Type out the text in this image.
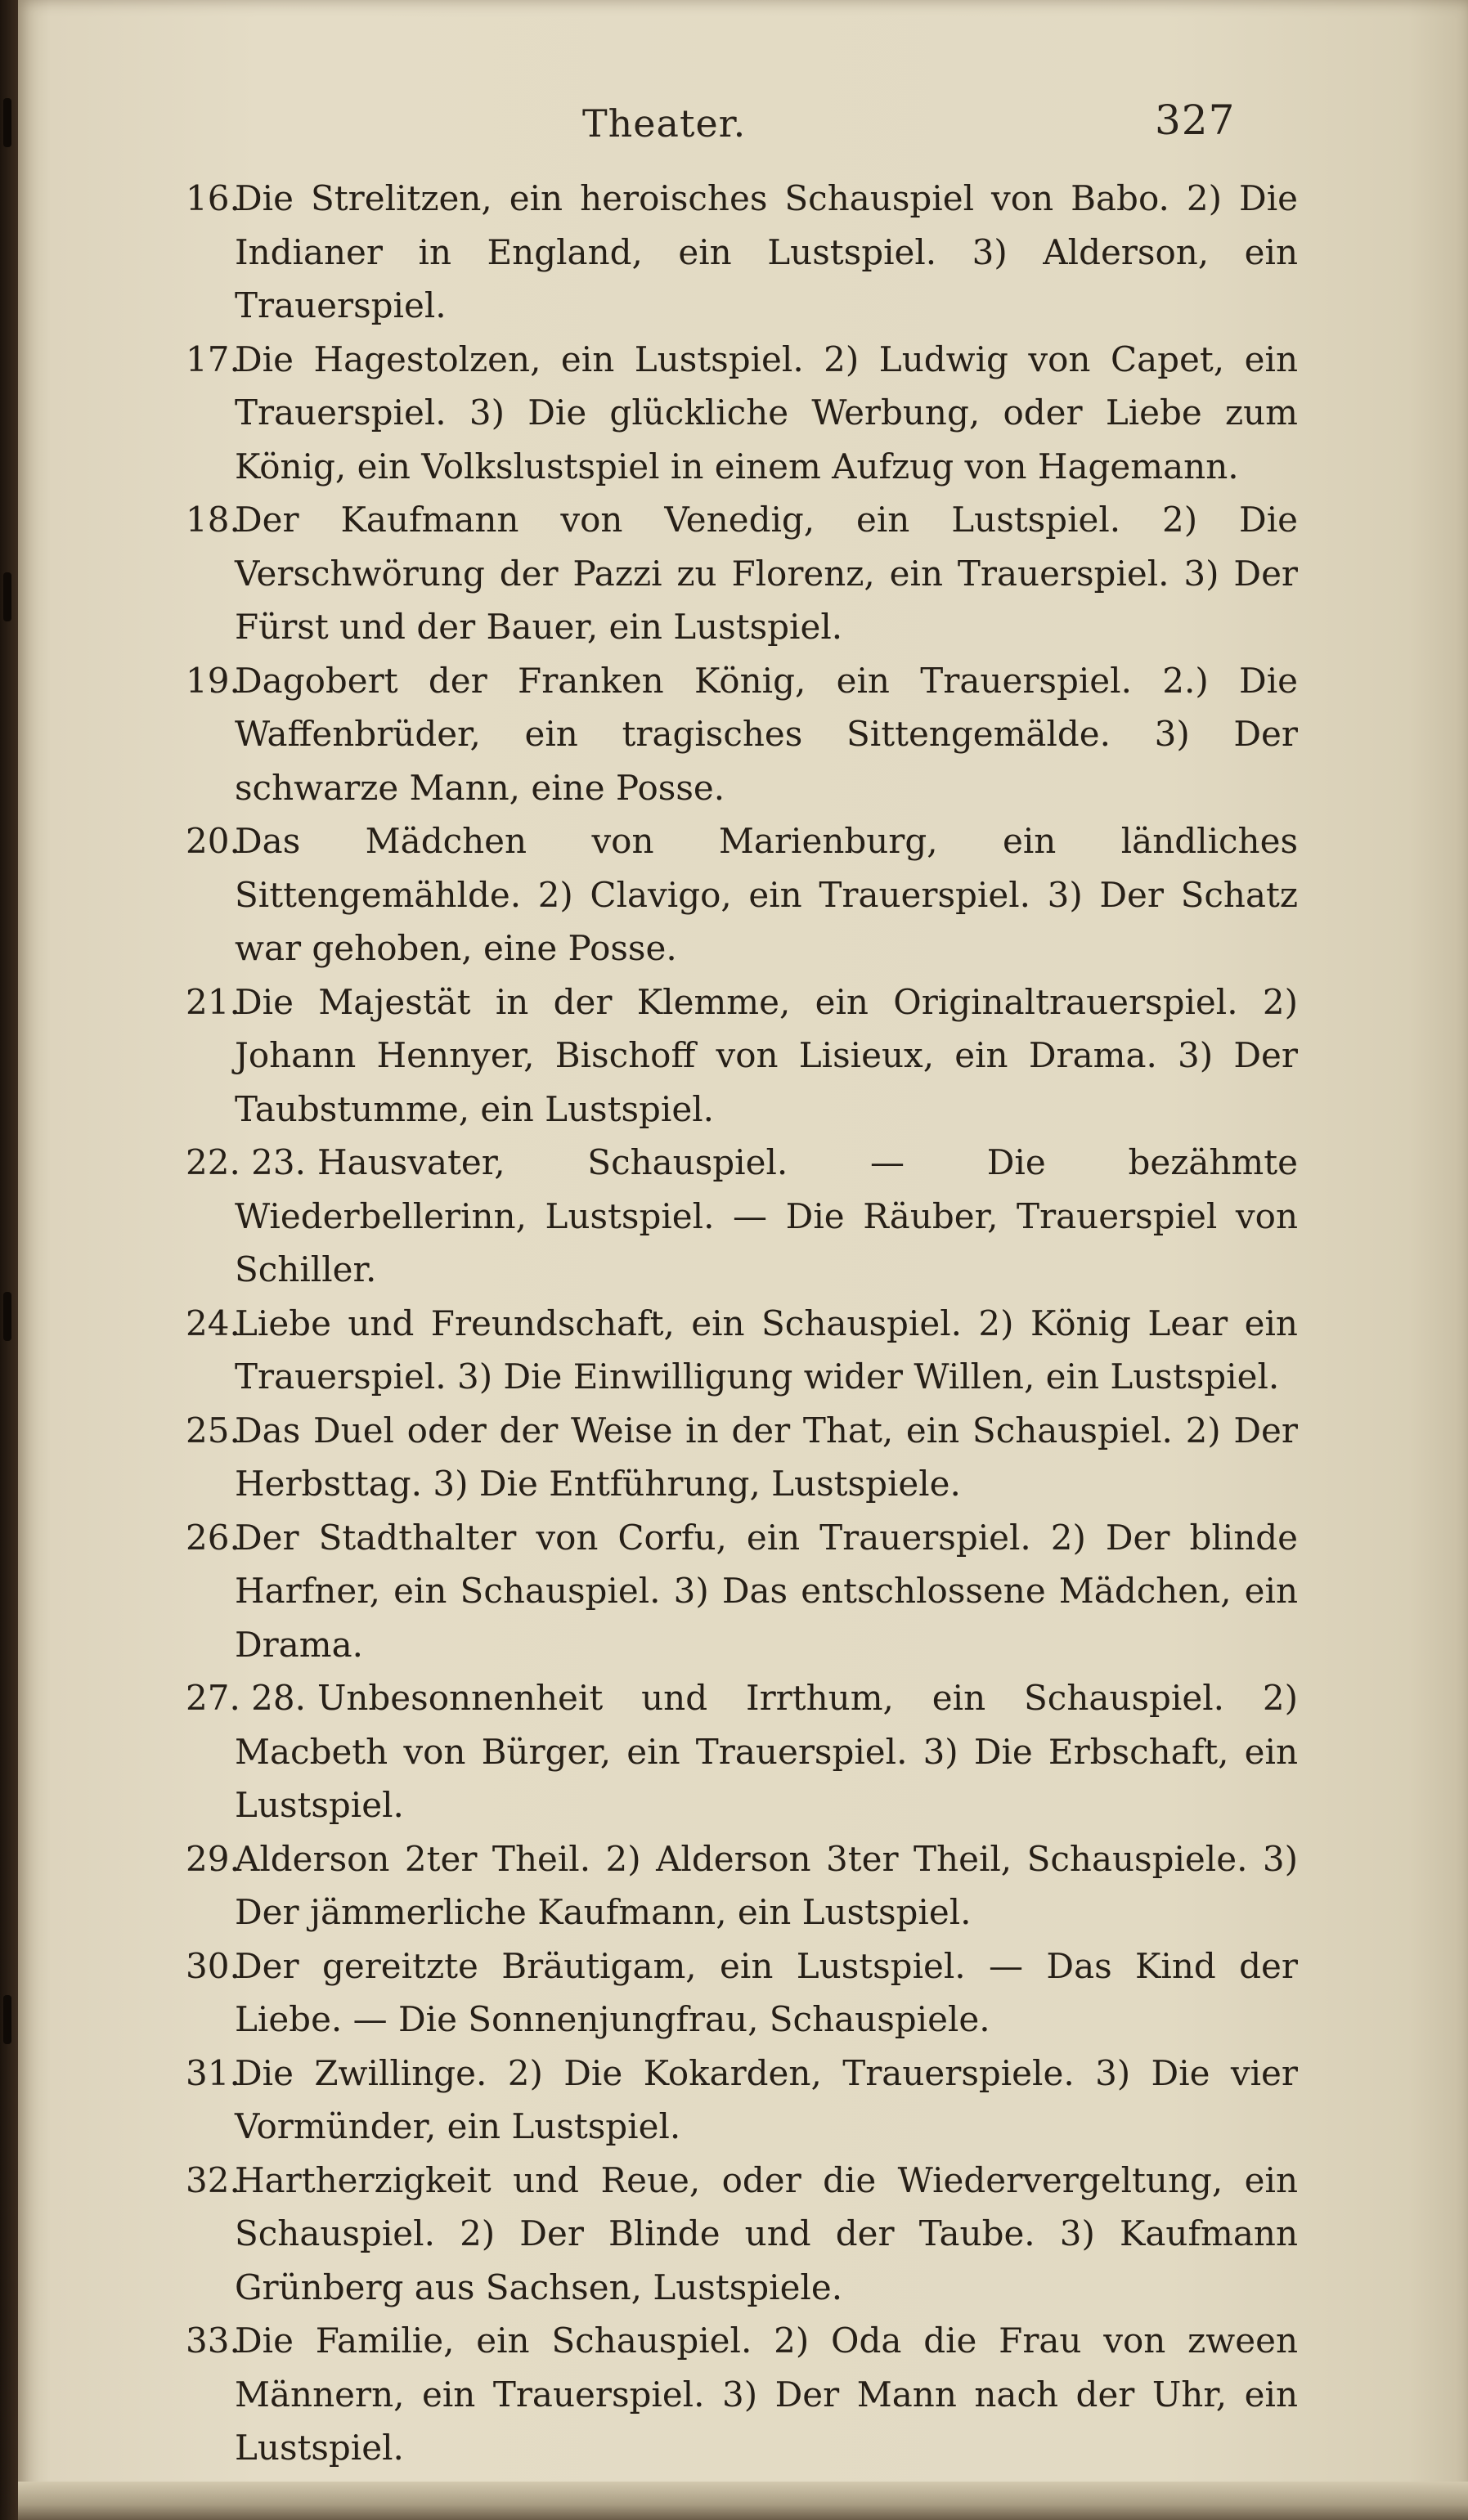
Theater.	327

16.Die Strelitzen, ein heroisches Schauspiel von Babo. 2) Die Indianer in England, ein Lustspiel. 3) Alderson, ein Trauerspiel.

17.Die Hagestolzen, ein Lustspiel. 2) Ludwig von Capet, ein Trauerspiel. 3) Die glückliche Werbung, oder Liebe zum König, ein Volkslustspiel in einem Aufzug von Hagemann.

18.Der Kaufmann von Venedig, ein Lustspiel. 2) Die Verschwörung der Pazzi zu Florenz, ein Trauerspiel. 3) Der Fürst und der Bauer, ein Lustspiel.

19.Dagobert der Franken König, ein Trauerspiel. 2.) Die Waffenbrüder, ein tragisches Sittengemälde. 3) Der schwarze Mann, eine Posse.

20.Das Mädchen von Marienburg, ein ländliches Sittengemählde. 2) Clavigo, ein Trauerspiel. 3) Der Schatz war gehoben, eine Posse.

21.Die Majestät in der Klemme, ein Originaltrauerspiel. 2) Johann Hennyer, Bischoff von Lisieux, ein Drama. 3) Der Taubstumme, ein Lustspiel.

22. 23. Hausvater, Schauspiel. — Die bezähmte Wiederbellerinn, Lustspiel. — Die Räuber, Trauerspiel von Schiller.

24.Liebe und Freundschaft, ein Schauspiel. 2) König Lear ein Trauerspiel. 3) Die Einwilligung wider Willen, ein Lustspiel.

25.Das Duel oder der Weise in der That, ein Schauspiel. 2) Der Herbsttag. 3) Die Entführung, Lustspiele.

26.Der Stadthalter von Corfu, ein Trauerspiel. 2) Der blinde Harfner, ein Schauspiel. 3) Das entschlossene Mädchen, ein Drama.

27. 28. Unbesonnenheit und Irrthum, ein Schauspiel. 2) Macbeth von Bürger, ein Trauerspiel. 3) Die Erbschaft, ein Lustspiel.

29.Alderson 2ter Theil. 2) Alderson 3ter Theil, Schauspiele. 3) Der jämmerliche Kaufmann, ein Lustspiel.

30.Der gereitzte Bräutigam, ein Lustspiel. — Das Kind der Liebe. — Die Sonnenjungfrau, Schauspiele.

31.Die Zwillinge. 2) Die Kokarden, Trauerspiele. 3) Die vier Vormünder, ein Lustspiel.

32.Hartherzigkeit und Reue, oder die Wiedervergeltung, ein Schauspiel. 2) Der Blinde und der Taube. 3) Kaufmann Grünberg aus Sachsen, Lustspiele.

33.Die Familie, ein Schauspiel. 2) Oda die Frau von zween Männern, ein Trauerspiel. 3) Der Mann nach der Uhr, ein Lustspiel.
